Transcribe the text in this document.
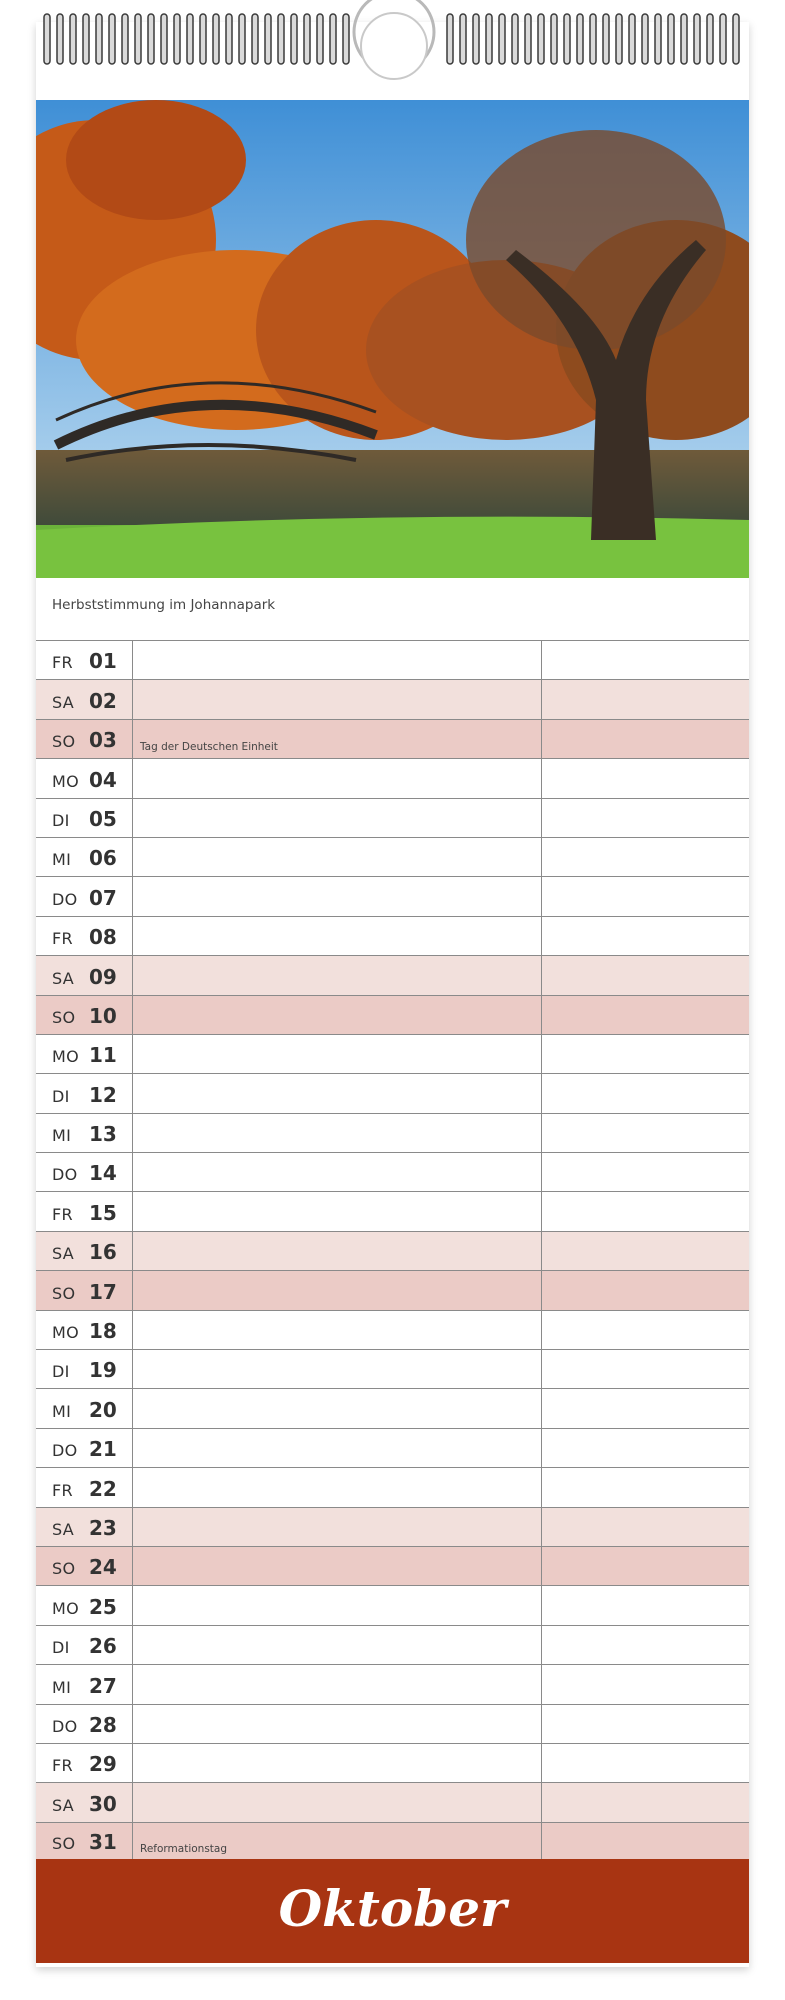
Herbststimmung im Johannapark
FR 01
SA 02
SO 03 Tag der Deutschen Einheit
MO 04
DI 05
MI 06
DO 07
FR 08
SA 09
SO 10
MO 11
DI 12
MI 13
DO 14
FR 15
SA 16
SO 17
MO 18
DI 19
MI 20
DO 21
FR 22
SA 23
SO 24
MO 25
DI 26
MI 27
DO 28
FR 29
SA 30
SO 31 Reformationstag
Oktober
